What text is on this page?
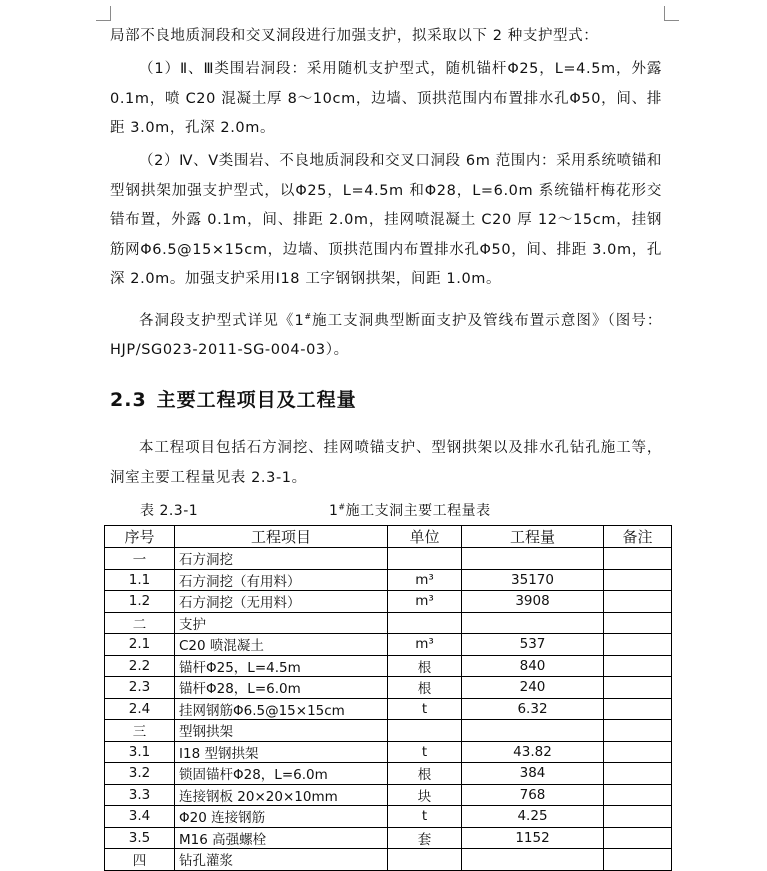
局部不良地质洞段和交叉洞段进行加强支护，拟采取以下 2 种支护型式：

（1）Ⅱ、Ⅲ类围岩洞段：采用随机支护型式，随机锚杆Φ25，L=4.5m，外露 0.1m，喷 C20 混凝土厚 8～10cm，边墙、顶拱范围内布置排水孔Φ50，间、排距 3.0m，孔深 2.0m。

（2）Ⅳ、Ⅴ类围岩、不良地质洞段和交叉口洞段 6m 范围内：采用系统喷锚和型钢拱架加强支护型式，以Φ25，L=4.5m 和Φ28，L=6.0m 系统锚杆梅花形交错布置，外露 0.1m，间、排距 2.0m，挂网喷混凝土 C20 厚 12～15cm，挂钢筋网Φ6.5@15×15cm，边墙、顶拱范围内布置排水孔Φ50，间、排距 3.0m，孔深 2.0m。加强支护采用Ⅰ18 工字钢钢拱架，间距 1.0m。

各洞段支护型式详见《1#施工支洞典型断面支护及管线布置示意图》（图号：HJP/SG023-2011-SG-004-03）。

2.3 主要工程项目及工程量

本工程项目包括石方洞挖、挂网喷锚支护、型钢拱架以及排水孔钻孔施工等，洞室主要工程量见表 2.3-1。

表 2.3-1	1#施工支洞主要工程量表
序号	工程项目	单位	工程量	备注
一	石方洞挖			
1.1	石方洞挖（有用料）	m³	35170	
1.2	石方洞挖（无用料）	m³	3908	
二	支护			
2.1	C20 喷混凝土	m³	537	
2.2	锚杆Φ25，L=4.5m	根	840	
2.3	锚杆Φ28，L=6.0m	根	240	
2.4	挂网钢筋Φ6.5@15×15cm	t	6.32	
三	型钢拱架			
3.1	Ⅰ18 型钢拱架	t	43.82	
3.2	锁固锚杆Φ28，L=6.0m	根	384	
3.3	连接钢板 20×20×10mm	块	768	
3.4	Φ20 连接钢筋	t	4.25	
3.5	M16 高强螺栓	套	1152	
四	钻孔灌浆			
